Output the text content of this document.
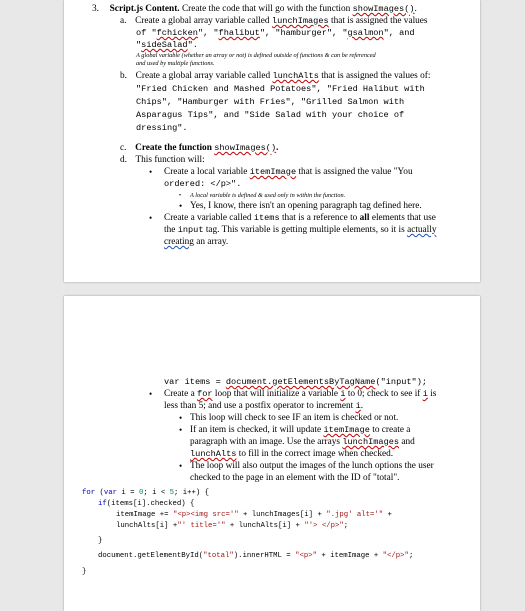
3. Script.js Content. Create the code that will go with the function showImages().
a. Create a global array variable called lunchImages that is assigned the values
of "fchicken", "fhalibut", "hamburger", "gsalmon", and
"sideSalad".
A global variable (whether an array or not) is defined outside of functions & can be referenced
and used by multiple functions.
b. Create a global array variable called lunchAlts that is assigned the values of:
"Fried Chicken and Mashed Potatoes", "Fried Halibut with
Chips", "Hamburger with Fries", "Grilled Salmon with
Asparagus Tips", and "Side Salad with your choice of
dressing".
c. Create the function showImages().
d. This function will:
• Create a local variable itemImage that is assigned the value "You
ordered: </p>".
• A local variable is defined & used only in within the function.
• Yes, I know, there isn't an opening paragraph tag defined here.
• Create a variable called items that is a reference to all elements that use
the input tag. This variable is getting multiple elements, so it is actually
creating an array.
var items = document.getElementsByTagName("input");
• Create a for loop that will initialize a variable i to 0; check to see if i is
less than 5; and use a postfix operator to increment i.
• This loop will check to see IF an item is checked or not.
• If an item is checked, it will update itemImage to create a
paragraph with an image. Use the arrays lunchImages and
lunchAlts to fill in the correct image when checked.
• The loop will also output the images of the lunch options the user
checked to the page in an element with the ID of "total".
for (var i = 0; i < 5; i++) {
if(items[i].checked) {
itemImage += "<p><img src='" + lunchImages[i] + ".jpg' alt='" +
lunchAlts[i] +"' title='" + lunchAlts[i] + "'> </p>";
}
document.getElementById("total").innerHTML = "<p>" + itemImage + "</p>";
}
